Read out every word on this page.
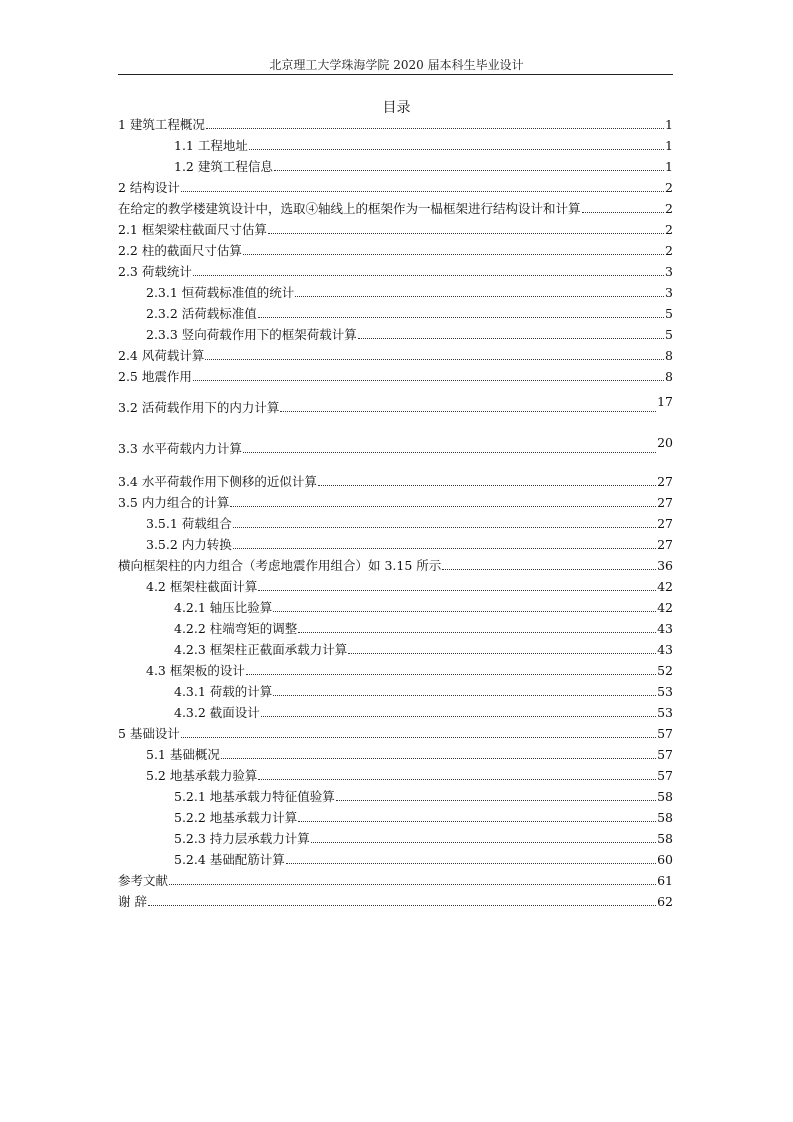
北京理工大学珠海学院 2020 届本科生毕业设计
目录
1 建筑工程概况	1
1.1 工程地址	1
1.2 建筑工程信息	1
2 结构设计	2
在给定的教学楼建筑设计中，选取④轴线上的框架作为一榀框架进行结构设计和计算	2
2.1 框架梁柱截面尺寸估算	2
2.2 柱的截面尺寸估算	2
2.3 荷载统计	3
2.3.1 恒荷载标准值的统计	3
2.3.2 活荷载标准值	5
2.3.3 竖向荷载作用下的框架荷载计算	5
2.4 风荷载计算	8
2.5 地震作用	8
3.2 活荷载作用下的内力计算	17
3.3 水平荷载内力计算	20
3.4 水平荷载作用下侧移的近似计算	27
3.5 内力组合的计算	27
3.5.1 荷载组合	27
3.5.2 内力转换	27
横向框架柱的内力组合（考虑地震作用组合）如 3.15 所示	36
4.2 框架柱截面计算	42
4.2.1 轴压比验算	42
4.2.2 柱端弯矩的调整	43
4.2.3 框架柱正截面承载力计算	43
4.3 框架板的设计	52
4.3.1 荷载的计算	53
4.3.2 截面设计	53
5 基础设计	57
5.1 基础概况	57
5.2 地基承载力验算	57
5.2.1 地基承载力特征值验算	58
5.2.2 地基承载力计算	58
5.2.3 持力层承载力计算	58
5.2.4 基础配筋计算	60
参考文献	61
谢 辞	62
